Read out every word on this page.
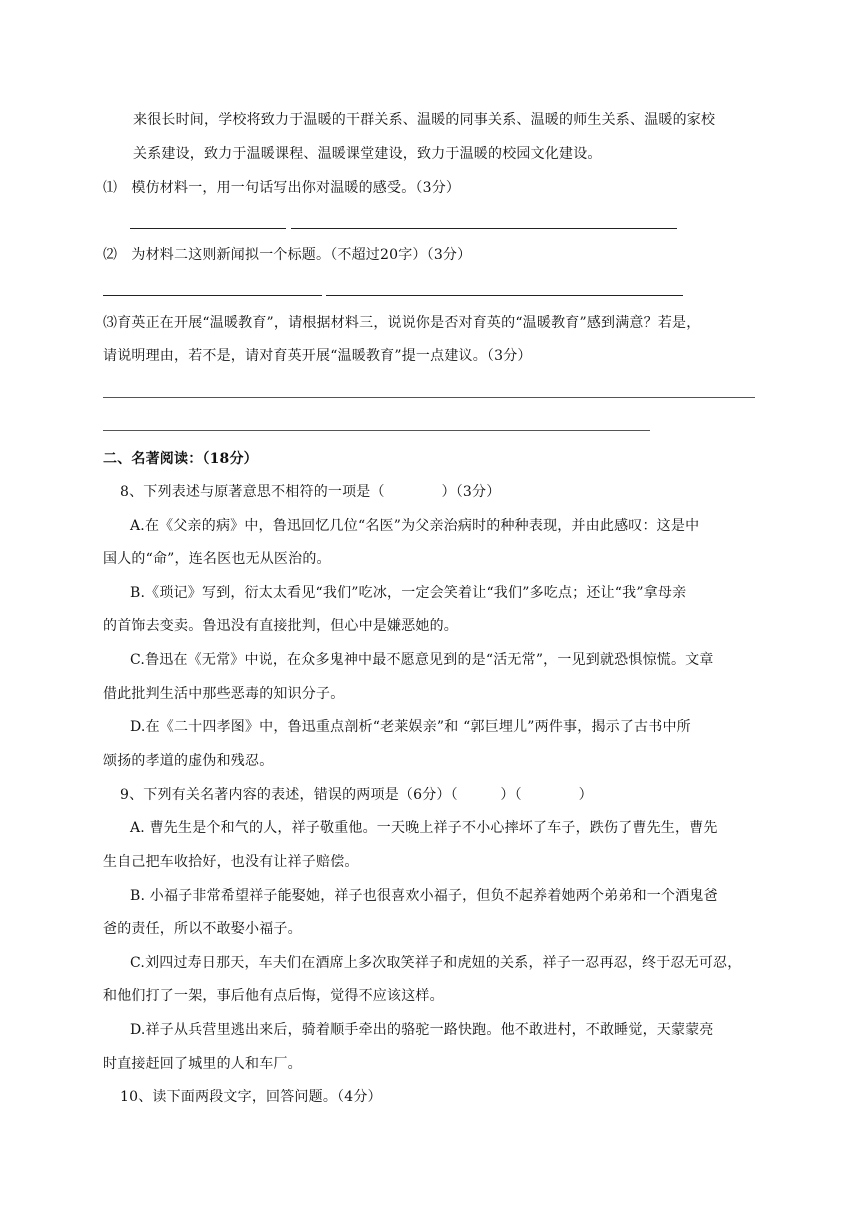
来很长时间，学校将致力于温暖的干群关系、温暖的同事关系、温暖的师生关系、温暖的家校
关系建设，致力于温暖课程、温暖课堂建设，致力于温暖的校园文化建设。
⑴　模仿材料一，用一句话写出你对温暖的感受。（3分）
⑵　为材料二这则新闻拟一个标题。（不超过20字）（3分）
⑶育英正在开展“温暖教育”，请根据材料三，说说你是否对育英的“温暖教育”感到满意？若是，
请说明理由，若不是，请对育英开展“温暖教育”提一点建议。（3分）
二、名著阅读：（18分）
8、下列表述与原著意思不相符的一项是（　　　　）（3分）
A.在《父亲的病》中，鲁迅回忆几位“名医”为父亲治病时的种种表现，并由此感叹：这是中
国人的“命”，连名医也无从医治的。
B.《琐记》写到，衍太太看见“我们”吃冰，一定会笑着让“我们”多吃点；还让“我”拿母亲
的首饰去变卖。鲁迅没有直接批判，但心中是嫌恶她的。
C.鲁迅在《无常》中说，在众多鬼神中最不愿意见到的是“活无常”，一见到就恐惧惊慌。文章
借此批判生活中那些恶毒的知识分子。
D.在《二十四孝图》中，鲁迅重点剖析“老莱娱亲”和 “郭巨埋儿”两件事，揭示了古书中所
颂扬的孝道的虚伪和残忍。
9、下列有关名著内容的表述，错误的两项是（6分）（　　　）（　　　　）
A. 曹先生是个和气的人，祥子敬重他。一天晚上祥子不小心摔坏了车子，跌伤了曹先生，曹先
生自己把车收拾好，也没有让祥子赔偿。
B. 小福子非常希望祥子能娶她，祥子也很喜欢小福子，但负不起养着她两个弟弟和一个酒鬼爸
爸的责任，所以不敢娶小福子。
C.刘四过寿日那天，车夫们在酒席上多次取笑祥子和虎妞的关系，祥子一忍再忍，终于忍无可忍，
和他们打了一架，事后他有点后悔，觉得不应该这样。
D.祥子从兵营里逃出来后，骑着顺手牵出的骆驼一路快跑。他不敢进村，不敢睡觉，天蒙蒙亮
时直接赶回了城里的人和车厂。
10、读下面两段文字，回答问题。（4分）
